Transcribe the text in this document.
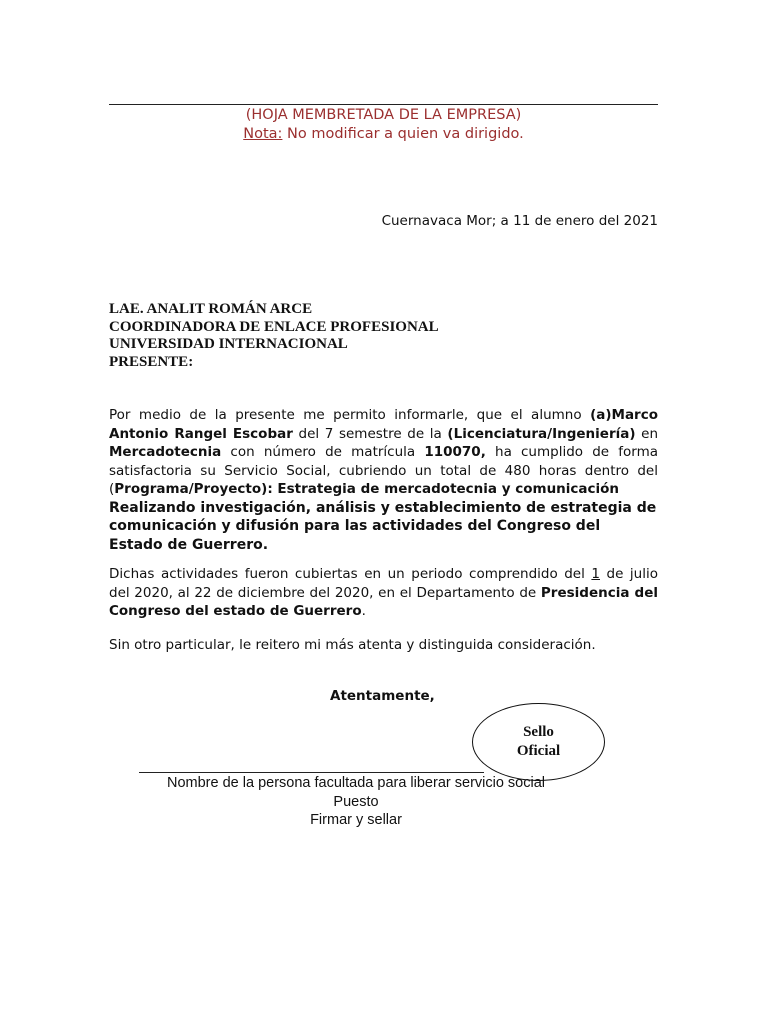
(HOJA MEMBRETADA DE LA EMPRESA)
Nota: No modificar a quien va dirigido.
Cuernavaca Mor; a 11 de enero del 2021
LAE. ANALIT ROMÁN ARCE
COORDINADORA DE ENLACE PROFESIONAL
UNIVERSIDAD INTERNACIONAL
PRESENTE:
Por medio de la presente me permito informarle, que el alumno (a)Marco Antonio Rangel Escobar del 7 semestre de la (Licenciatura/Ingeniería) en Mercadotecnia con número de matrícula 110070, ha cumplido de forma satisfactoria su Servicio Social, cubriendo un total de 480 horas dentro del (Programa/Proyecto): Estrategia de mercadotecnia y comunicación
Realizando investigación, análisis y establecimiento de estrategia de comunicación y difusión para las actividades del Congreso del Estado de Guerrero.
Dichas actividades fueron cubiertas en un periodo comprendido del 1 de julio del 2020, al 22 de diciembre del 2020, en el Departamento de Presidencia del Congreso del estado de Guerrero.
Sin otro particular, le reitero mi más atenta y distinguida consideración.
Atentamente,
Sello
Oficial
Nombre de la persona facultada para liberar servicio social
Puesto
Firmar y sellar
